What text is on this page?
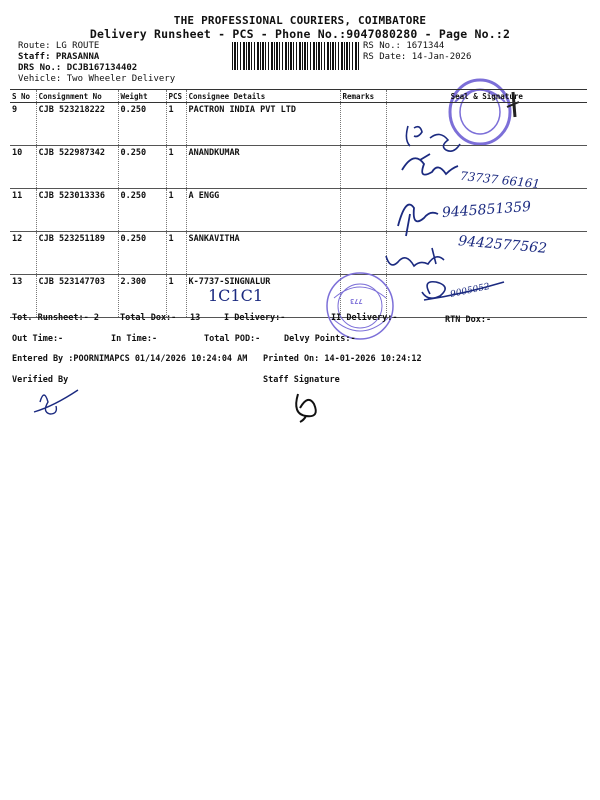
THE PROFESSIONAL COURIERS, COIMBATORE
Delivery Runsheet - PCS - Phone No.:9047080280 - Page No.:2
Route: LG ROUTE
Staff: PRASANNA
DRS No.: DCJB167134402
Vehicle: Two Wheeler Delivery
RS No.: 1671344
RS Date: 14-Jan-2026
S No	Consignment No	Weight	PCS	Consignee Details	Remarks	Seal & Signature
9	CJB 523218222	0.250	1	PACTRON INDIA PVT LTD		
10	CJB 522987342	0.250	1	ANANDKUMAR		
11	CJB 523013336	0.250	1	A ENGG		
12	CJB 523251189	0.250	1	SANKAVITHA		
13	CJB 523147703	2.300	1	K-7737-SINGNALUR		
73737 66161
9445851359
9442577562
1C1C1	9005052
773
Tot. Runsheet:- 2 Total Dox:- 13	I Delivery:-	II Delivery:-	RTN Dox:-
Out Time:-	In Time:-	Total POD:-	Delvy Points:-
Entered By :POORNIMAPCS 01/14/2026 10:24:04 AM Printed On: 14-01-2026 10:24:12
Verified By	Staff Signature
